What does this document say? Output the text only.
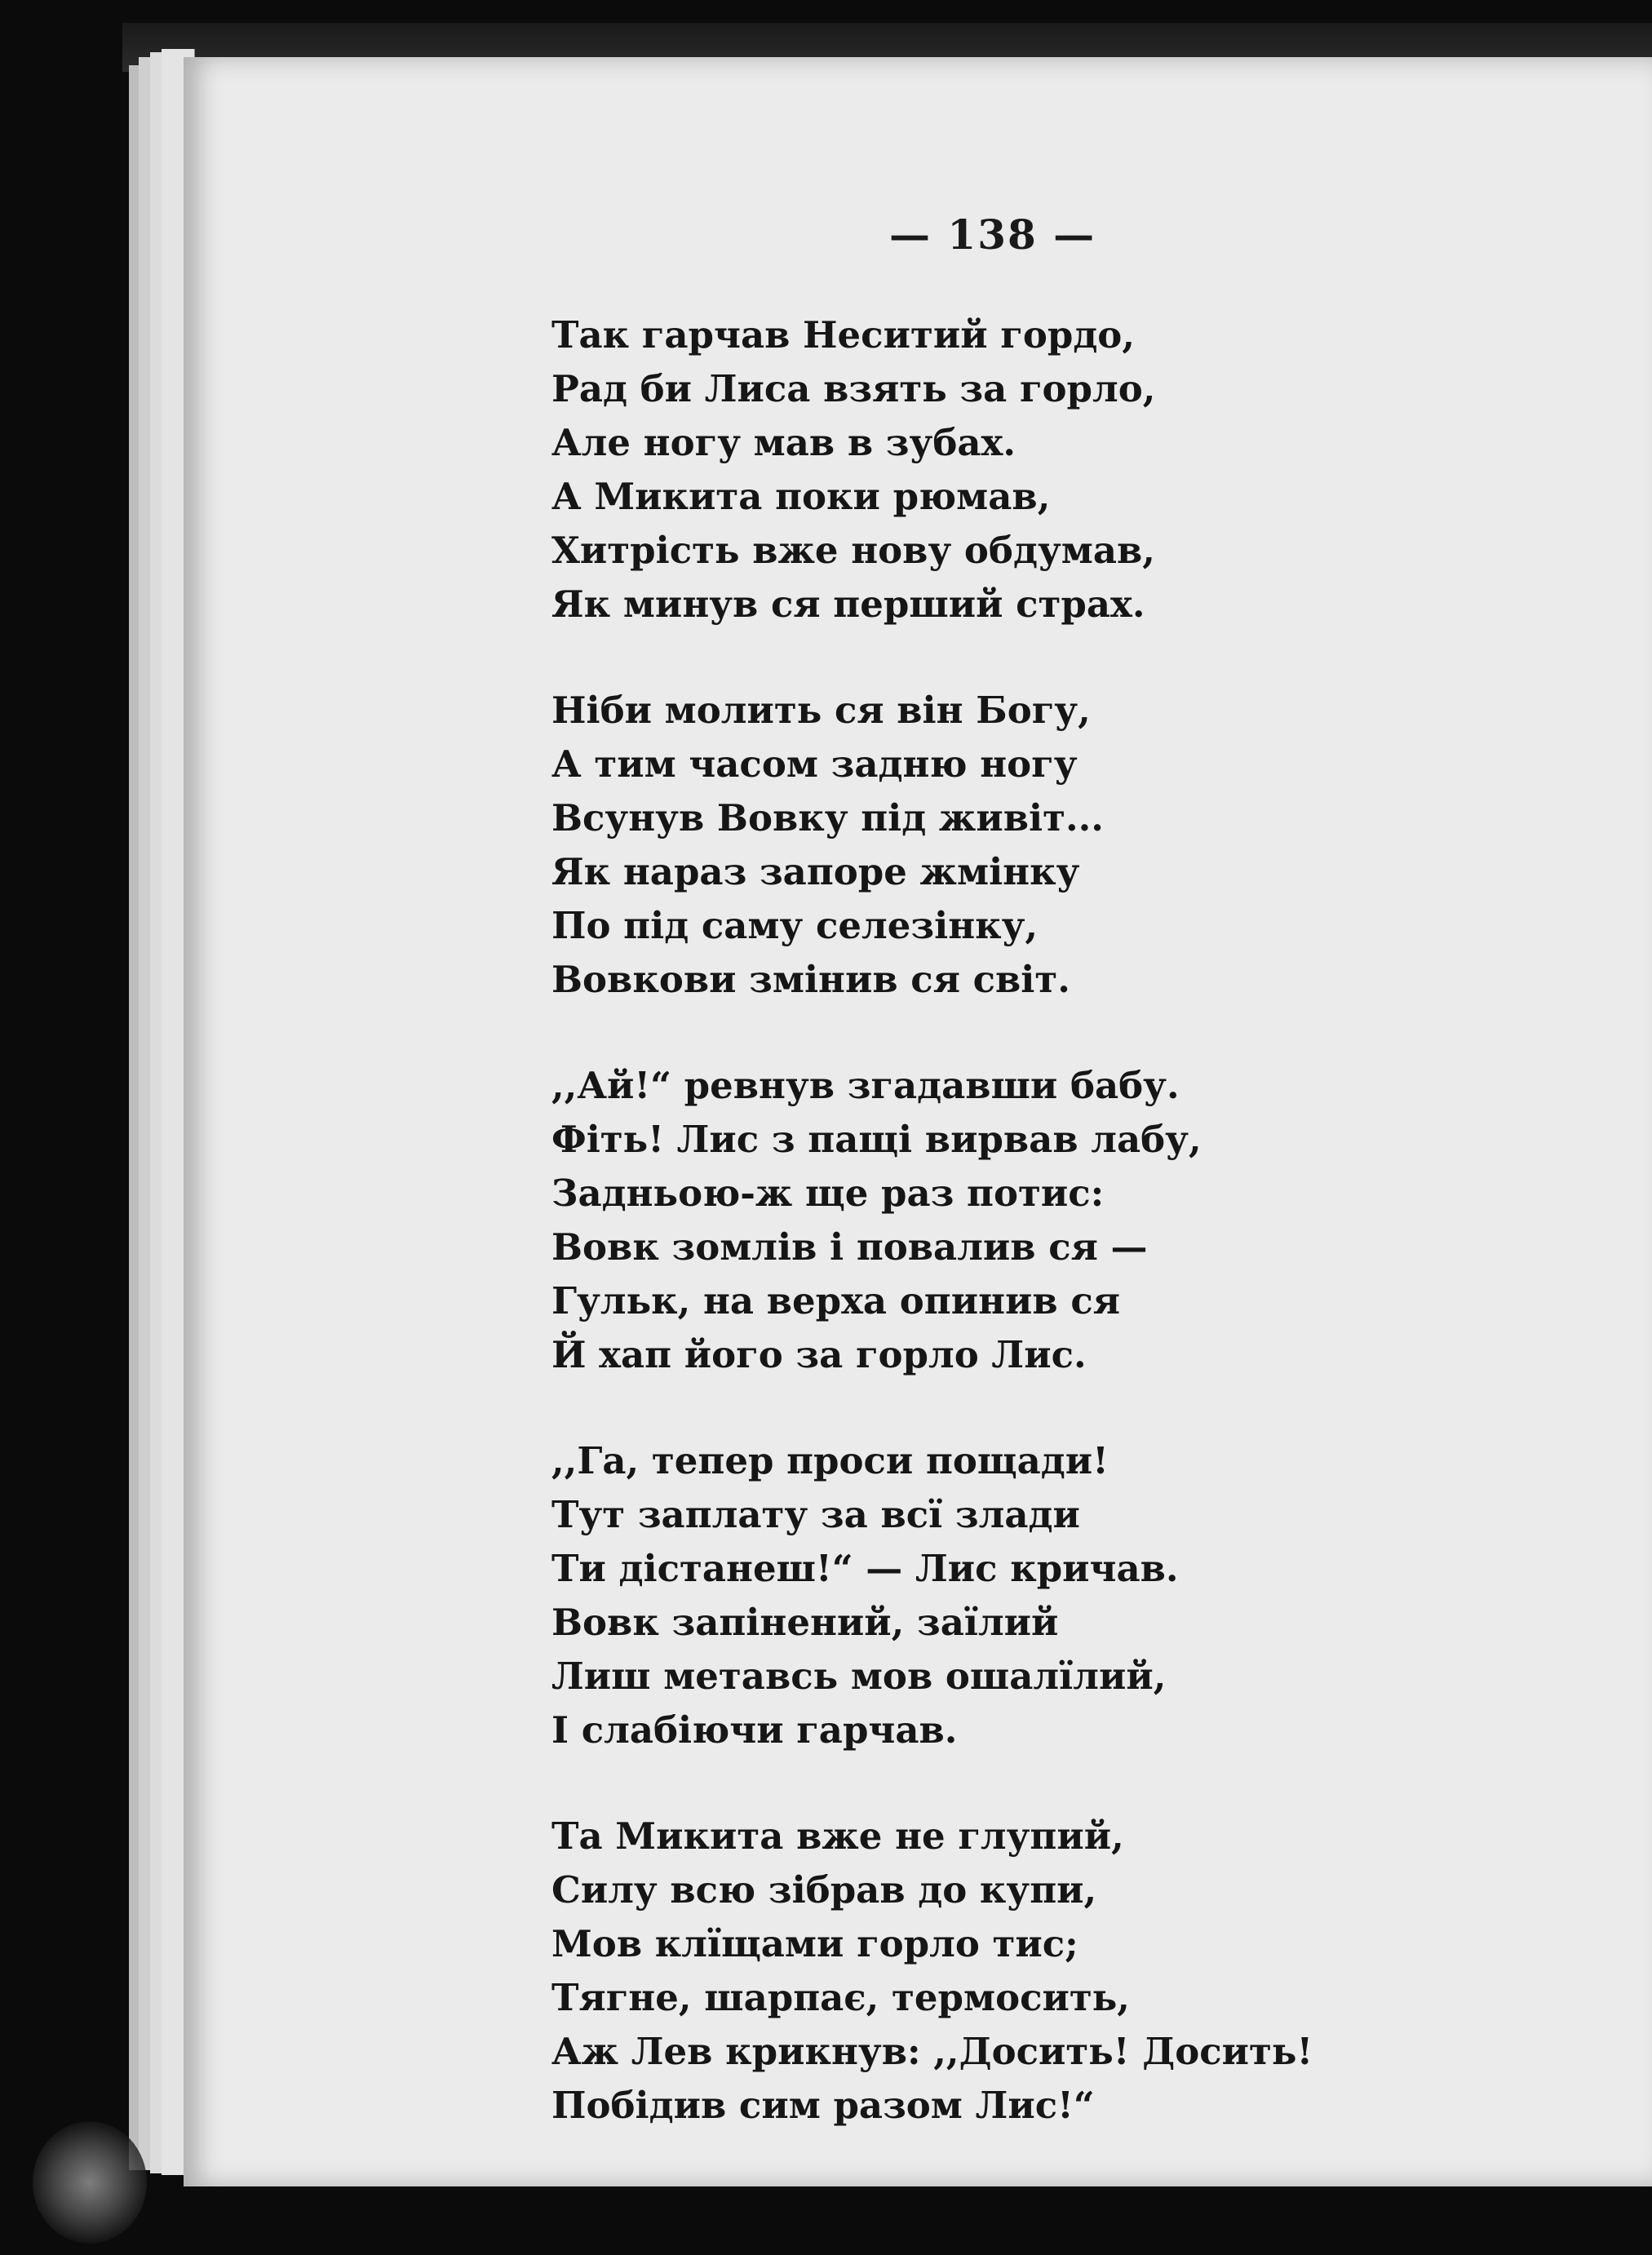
— 138 —
Так гарчав Неситий гордо,
Рад би Лиса взять за горло,
Але ногу мав в зубах.
А Микита поки рюмав,
Хитрість вже нову обдумав,
Як минув ся перший страх.
Ніби молить ся він Богу,
А тим часом задню ногу
Всунув Вовку під живіт...
Як нараз запоре жмінку
По під саму селезінку,
Вовкови змінив ся світ.
,,Ай!“ ревнув згадавши бабу.
Фіть! Лис з пащі вирвав лабу,
Задньою-ж ще раз потис:
Вовк зомлів і повалив ся —
Гульк, на верха опинив ся
Й хап його за горло Лис.
,,Га, тепер проси пощади!
Тут заплату за всї злади
Ти дістанеш!“ — Лис кричав.
Вовк запінений, заїлий
Лиш метавсь мов ошалїлий,
І слабіючи гарчав.
Та Микита вже не глупий,
Силу всю зібрав до купи,
Мов клїщами горло тис;
Тягне, шарпає, термосить,
Аж Лев крикнув: ,,Досить! Досить!
Побідив сим разом Лис!“
